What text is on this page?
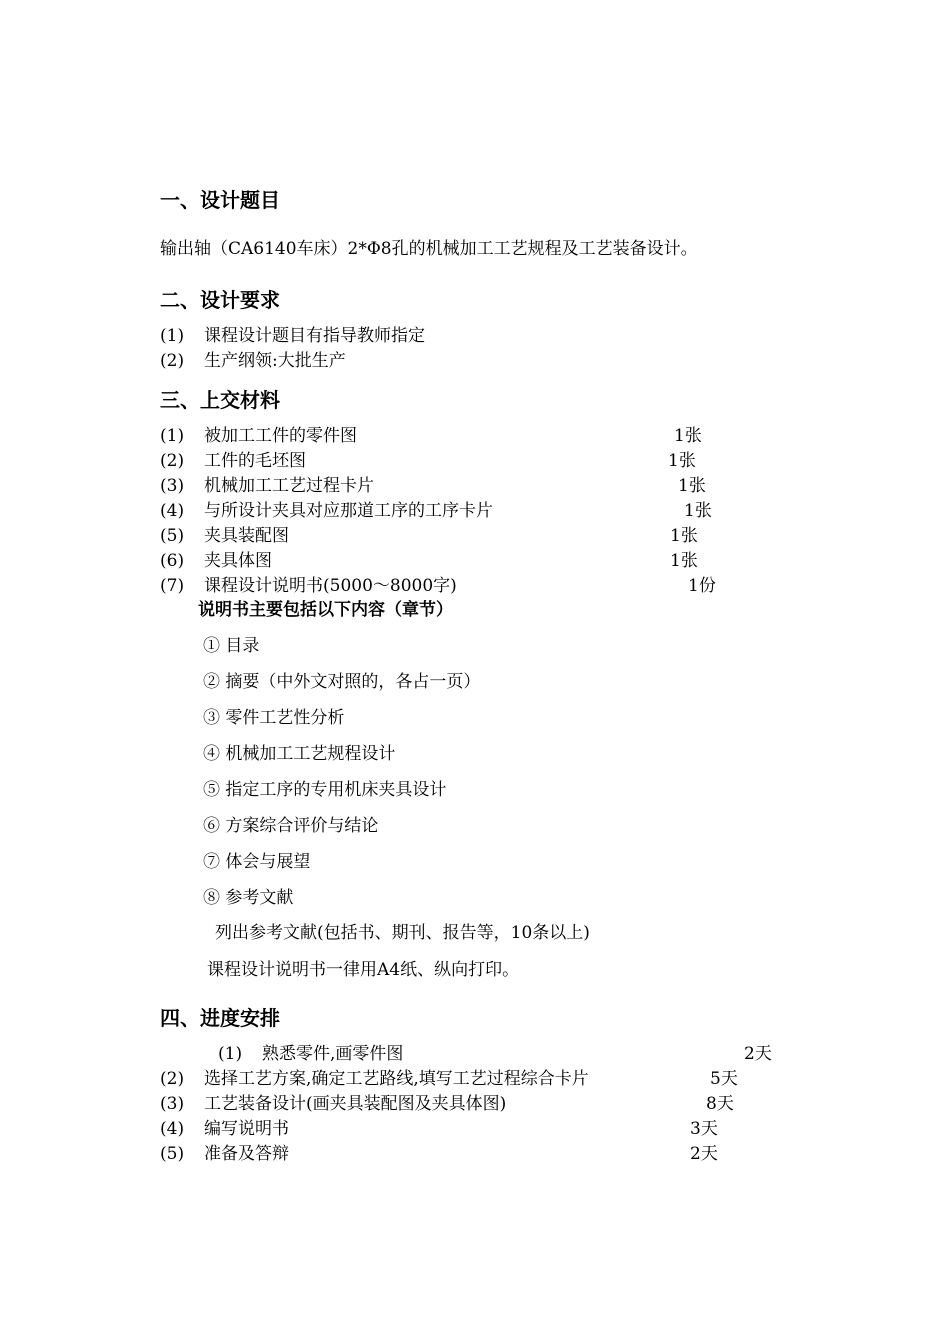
一、设计题目
输出轴（CA6140车床）2*Φ8孔的机械加工工艺规程及工艺装备设计。
二、设计要求
(1) 课程设计题目有指导教师指定
(2) 生产纲领:大批生产
三、上交材料
(1) 被加工工件的零件图	1张
(2) 工件的毛坯图	1张
(3) 机械加工工艺过程卡片	1张
(4) 与所设计夹具对应那道工序的工序卡片	1张
(5) 夹具装配图	1张
(6) 夹具体图	1张
(7) 课程设计说明书(5000～8000字)	1份
说明书主要包括以下内容（章节）
① 目录
② 摘要（中外文对照的，各占一页）
③ 零件工艺性分析
④ 机械加工工艺规程设计
⑤ 指定工序的专用机床夹具设计
⑥ 方案综合评价与结论
⑦ 体会与展望
⑧ 参考文献
列出参考文献(包括书、期刊、报告等，10条以上)
课程设计说明书一律用A4纸、纵向打印。
四、进度安排
(1) 熟悉零件,画零件图	2天
(2) 选择工艺方案,确定工艺路线,填写工艺过程综合卡片	5天
(3) 工艺装备设计(画夹具装配图及夹具体图)	8天
(4) 编写说明书	3天
(5) 准备及答辩	2天
